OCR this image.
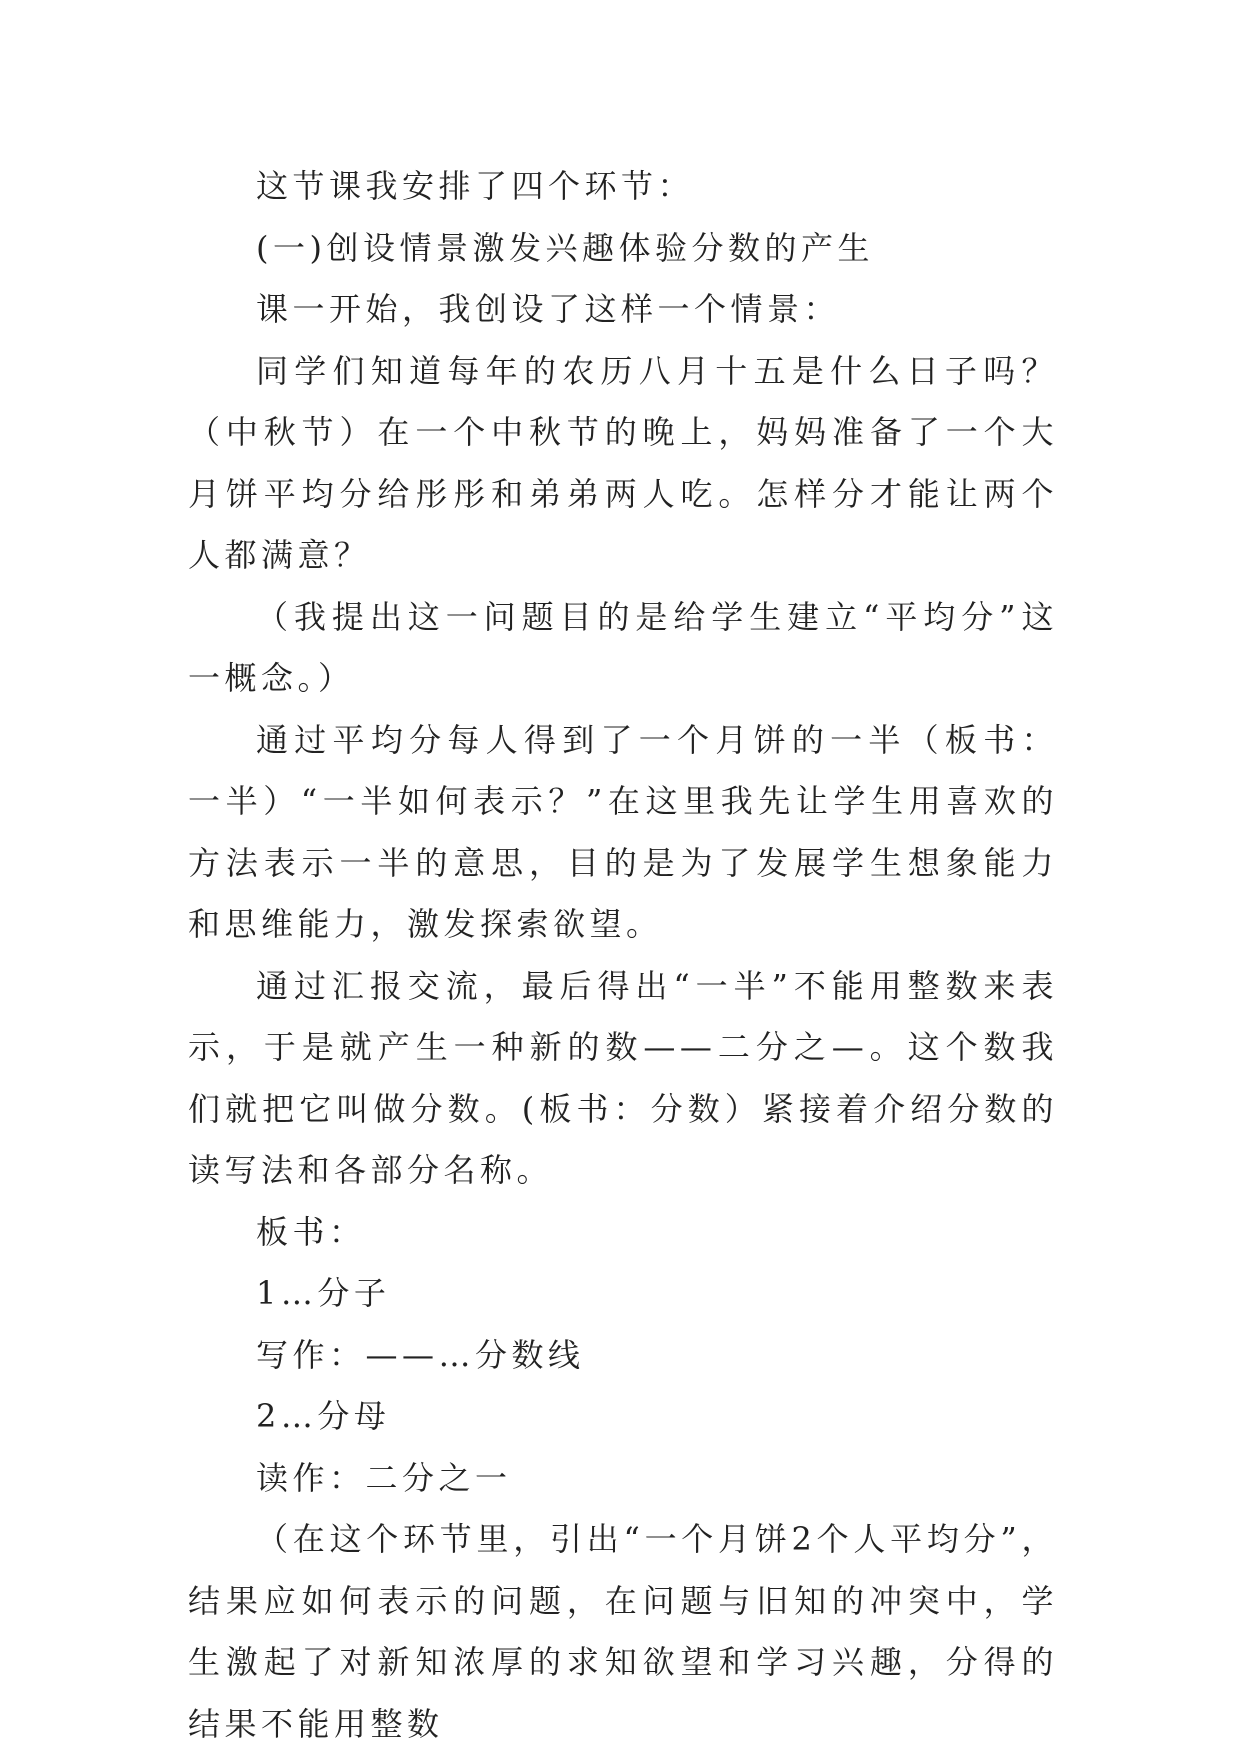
这节课我安排了四个环节：

(一)创设情景激发兴趣体验分数的产生

课一开始，我创设了这样一个情景：

同学们知道每年的农历八月十五是什么日子吗？（中秋节）在一个中秋节的晚上，妈妈准备了一个大月饼平均分给彤彤和弟弟两人吃。怎样分才能让两个人都满意？

（我提出这一问题目的是给学生建立“平均分”这一概念。）

通过平均分每人得到了一个月饼的一半（板书：一半）“一半如何表示？”在这里我先让学生用喜欢的方法表示一半的意思，目的是为了发展学生想象能力和思维能力，激发探索欲望。

通过汇报交流，最后得出“一半”不能用整数来表示，于是就产生一种新的数——二分之—。这个数我们就把它叫做分数。(板书：分数）紧接着介绍分数的读写法和各部分名称。

板书：

1…分子

写作：——…分数线

2…分母

读作：二分之一

（在这个环节里，引出“一个月饼2个人平均分”，结果应如何表示的问题，在问题与旧知的冲突中，学生激起了对新知浓厚的求知欲望和学习兴趣，分得的结果不能用整数
